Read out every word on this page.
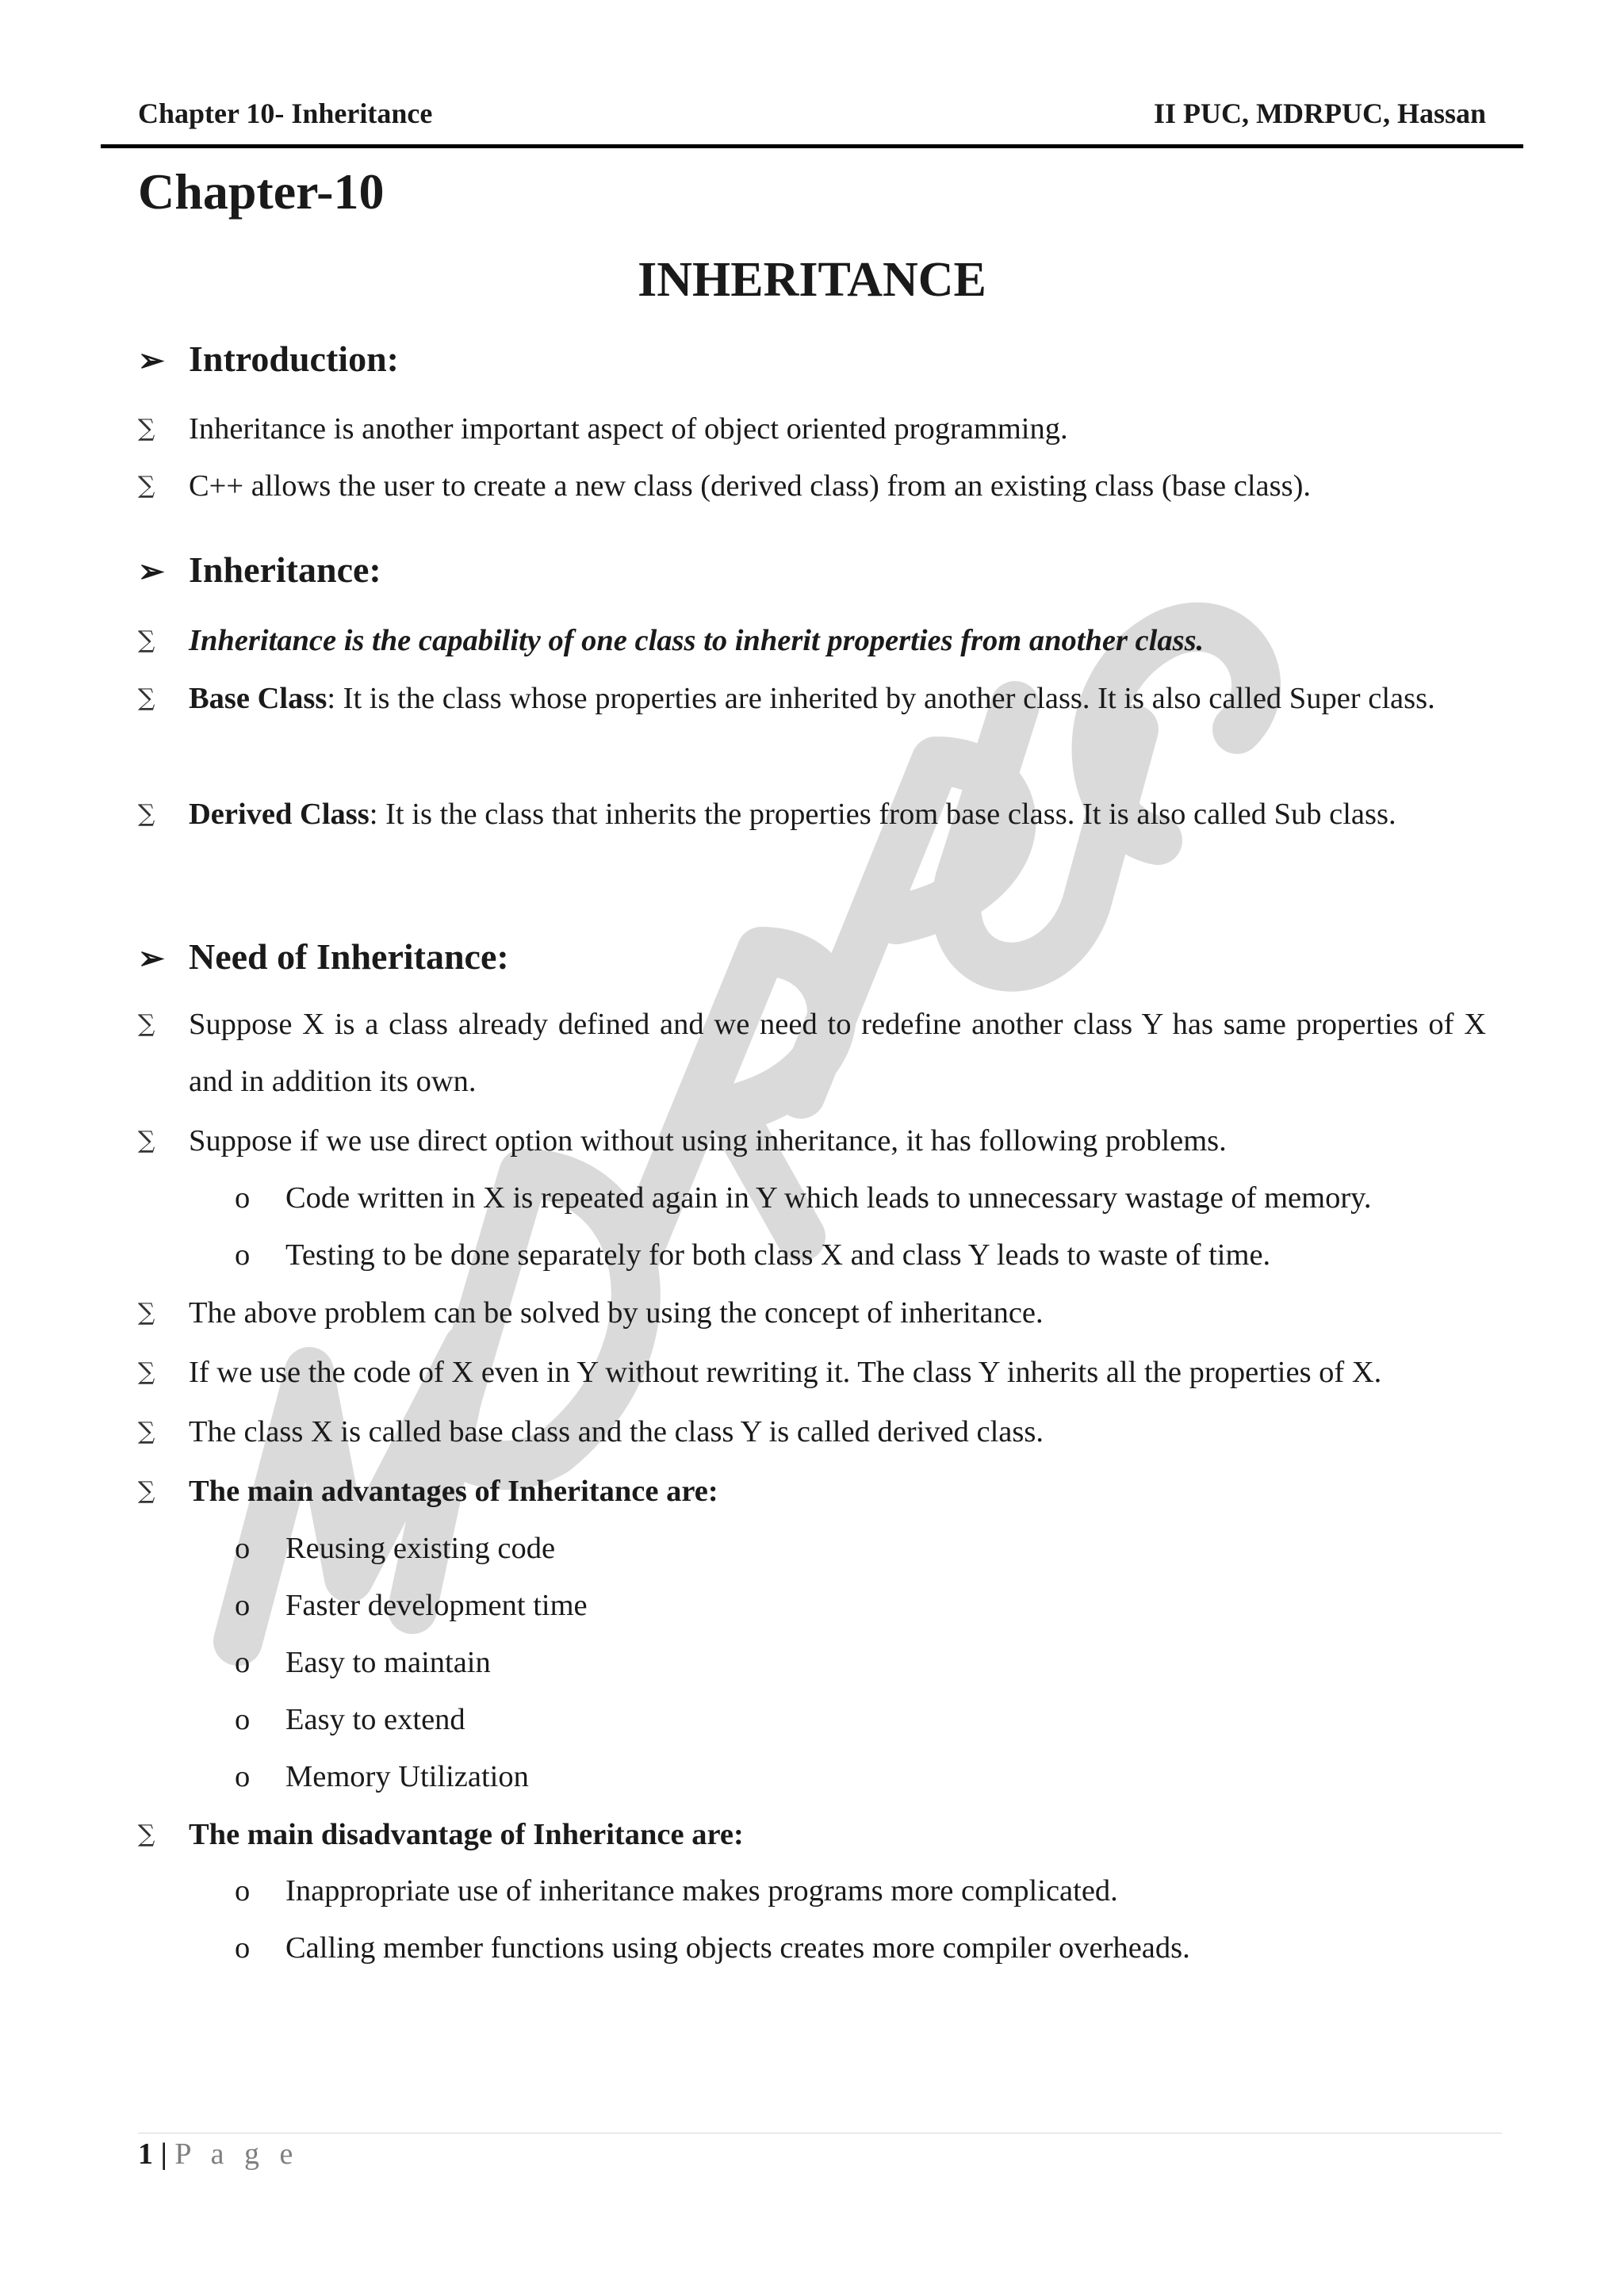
Chapter 10- Inheritance	II PUC, MDRPUC, Hassan
Chapter-10
INHERITANCE
➢ Introduction:
∑ Inheritance is another important aspect of object oriented programming.
∑ C++ allows the user to create a new class (derived class) from an existing class (base class).
➢ Inheritance:
∑ Inheritance is the capability of one class to inherit properties from another class.
∑ Base Class: It is the class whose properties are inherited by another class. It is also called Super class.
∑ Derived Class: It is the class that inherits the properties from base class. It is also called Sub class.
➢ Need of Inheritance:
∑ Suppose X is a class already defined and we need to redefine another class Y has same properties of X and in addition its own.
∑ Suppose if we use direct option without using inheritance, it has following problems.
o Code written in X is repeated again in Y which leads to unnecessary wastage of memory.
o Testing to be done separately for both class X and class Y leads to waste of time.
∑ The above problem can be solved by using the concept of inheritance.
∑ If we use the code of X even in Y without rewriting it. The class Y inherits all the properties of X.
∑ The class X is called base class and the class Y is called derived class.
∑ The main advantages of Inheritance are:
o Reusing existing code
o Faster development time
o Easy to maintain
o Easy to extend
o Memory Utilization
∑ The main disadvantage of Inheritance are:
o Inappropriate use of inheritance makes programs more complicated.
o Calling member functions using objects creates more compiler overheads.
1 | P a g e
